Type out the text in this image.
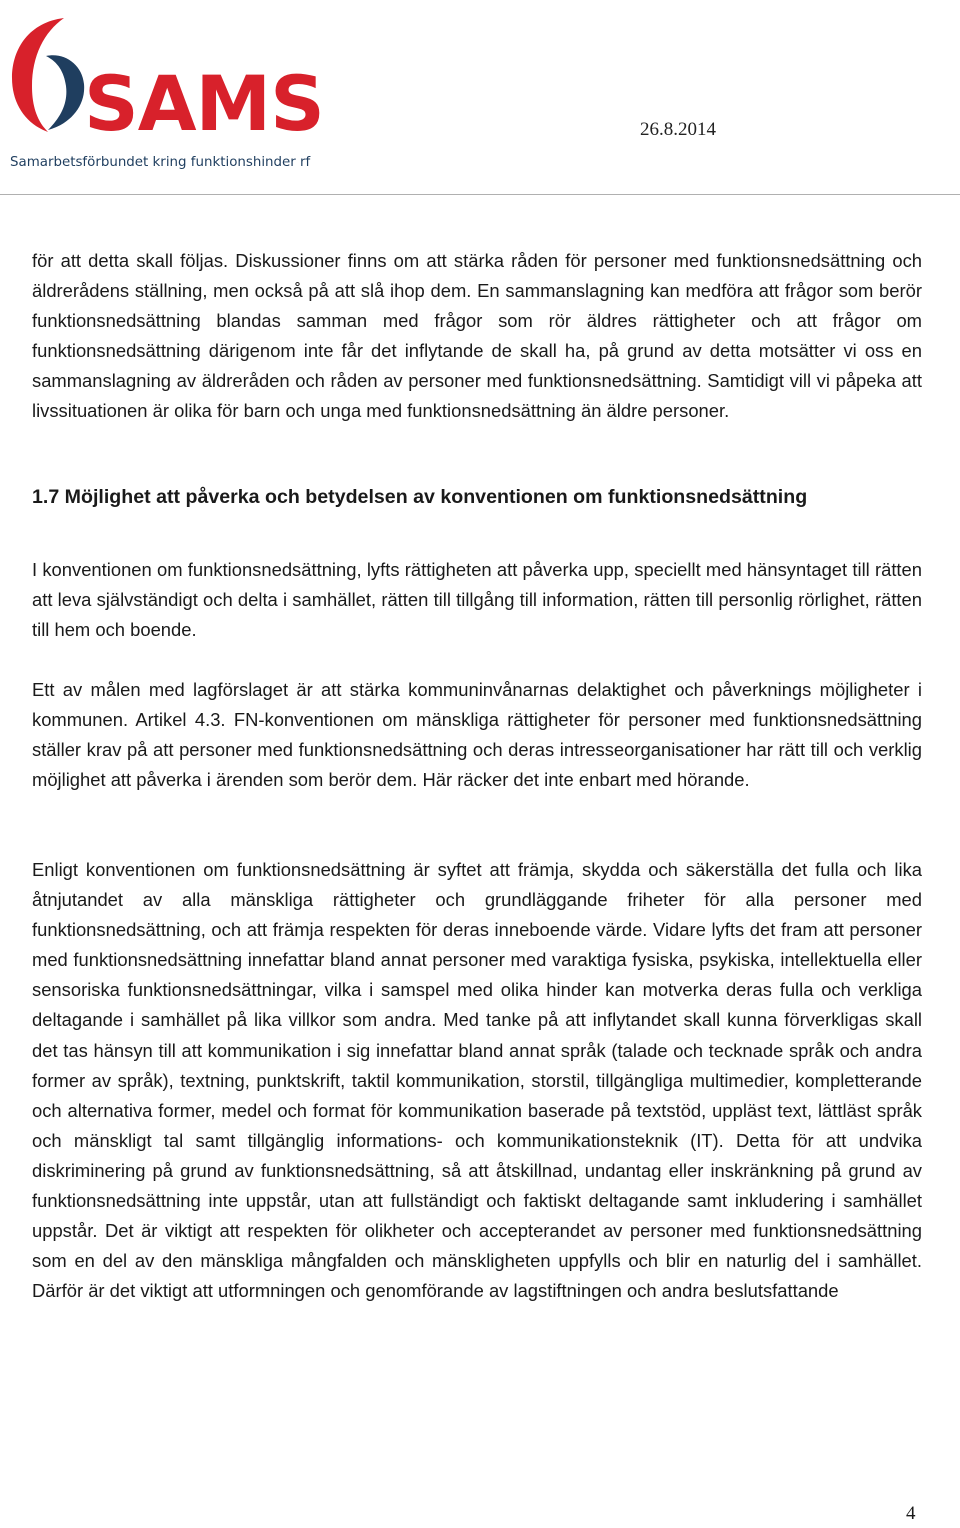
SAMS
Samarbetsförbundet kring funktionshinder rf
26.8.2014

för att detta skall följas. Diskussioner finns om att stärka råden för personer med funktionsnedsättning och äldrerådens ställning, men också på att slå ihop dem. En sammanslagning kan medföra att frågor som berör funktionsnedsättning blandas samman med frågor som rör äldres rättigheter och att frågor om funktionsnedsättning därigenom inte får det inflytande de skall ha, på grund av detta motsätter vi oss en sammanslagning av äldreråden och råden av personer med funktionsnedsättning. Samtidigt vill vi påpeka att livssituationen är olika för barn och unga med funktionsnedsättning än äldre personer.

1.7 Möjlighet att påverka och betydelsen av konventionen om funktionsnedsättning

I konventionen om funktionsnedsättning, lyfts rättigheten att påverka upp, speciellt med hänsyntaget till rätten att leva självständigt och delta i samhället, rätten till tillgång till information, rätten till personlig rörlighet, rätten till hem och boende.

Ett av målen med lagförslaget är att stärka kommuninvånarnas delaktighet och påverknings möjligheter i kommunen. Artikel 4.3. FN-konventionen om mänskliga rättigheter för personer med funktionsnedsättning ställer krav på att personer med funktionsnedsättning och deras intresseorganisationer har rätt till och verklig möjlighet att påverka i ärenden som berör dem. Här räcker det inte enbart med hörande.

Enligt konventionen om funktionsnedsättning är syftet att främja, skydda och säkerställa det fulla och lika åtnjutandet av alla mänskliga rättigheter och grundläggande friheter för alla personer med funktionsnedsättning, och att främja respekten för deras inneboende värde. Vidare lyfts det fram att personer med funktionsnedsättning innefattar bland annat personer med varaktiga fysiska, psykiska, intellektuella eller sensoriska funktionsnedsättningar, vilka i samspel med olika hinder kan motverka deras fulla och verkliga deltagande i samhället på lika villkor som andra. Med tanke på att inflytandet skall kunna förverkligas skall det tas hänsyn till att kommunikation i sig innefattar bland annat språk (talade och tecknade språk och andra former av språk), textning, punktskrift, taktil kommunikation, storstil, tillgängliga multimedier, kompletterande och alternativa former, medel och format för kommunikation baserade på textstöd, uppläst text, lättläst språk och mänskligt tal samt tillgänglig informations- och kommunikationsteknik (IT). Detta för att undvika diskriminering på grund av funktionsnedsättning, så att åtskillnad, undantag eller inskränkning på grund av funktionsnedsättning inte uppstår, utan att fullständigt och faktiskt deltagande samt inkludering i samhället uppstår. Det är viktigt att respekten för olikheter och accepterandet av personer med funktionsnedsättning som en del av den mänskliga mångfalden och mänskligheten uppfylls och blir en naturlig del i samhället. Därför är det viktigt att utformningen och genomförande av lagstiftningen och andra beslutsfattande

4
